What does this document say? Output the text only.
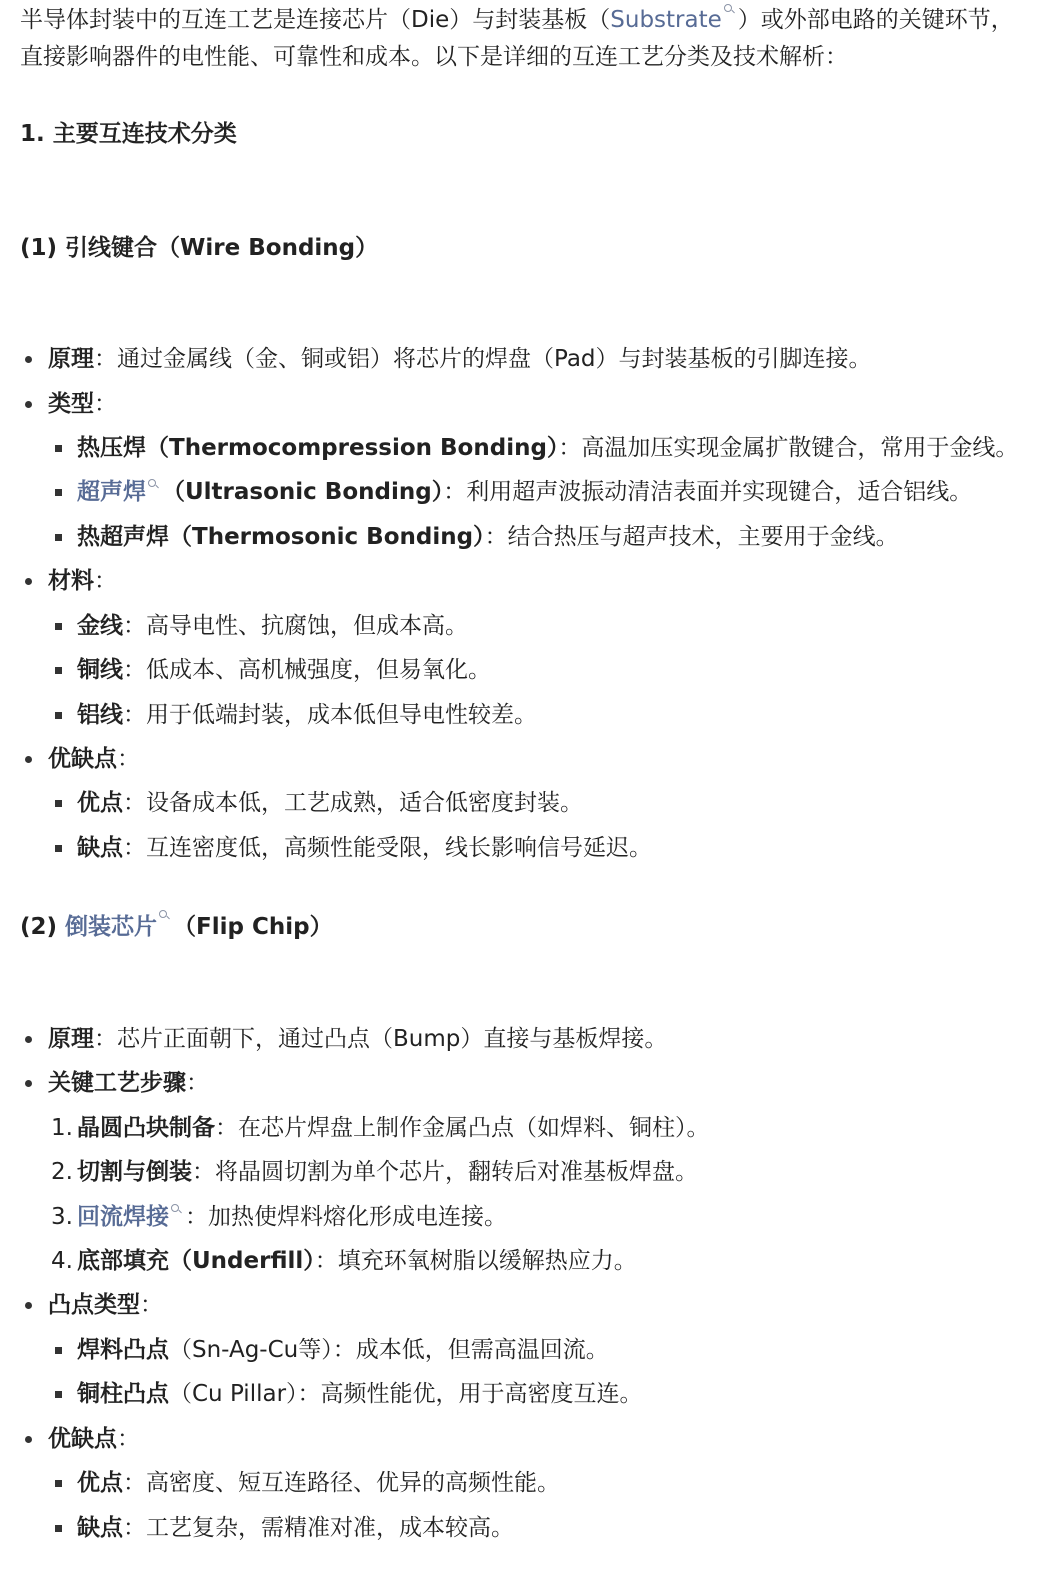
半导体封装中的互连工艺是连接芯片（Die）与封装基板（Substrate ）或外部电路的关键环节，直接影响器件的电性能、可靠性和成本。以下是详细的互连工艺分类及技术解析：
1. 主要互连技术分类
(1) 引线键合（Wire Bonding）
原理：通过金属线（金、铜或铝）将芯片的焊盘（Pad）与封装基板的引脚连接。
类型：
热压焊（Thermocompression Bonding）：高温加压实现金属扩散键合，常用于金线。
超声焊 （Ultrasonic Bonding）：利用超声波振动清洁表面并实现键合，适合铝线。
热超声焊（Thermosonic Bonding）：结合热压与超声技术，主要用于金线。
材料：
金线：高导电性、抗腐蚀，但成本高。
铜线：低成本、高机械强度，但易氧化。
铝线：用于低端封装，成本低但导电性较差。
优缺点：
优点：设备成本低，工艺成熟，适合低密度封装。
缺点：互连密度低，高频性能受限，线长影响信号延迟。
(2) 倒装芯片 （Flip Chip）
原理：芯片正面朝下，通过凸点（Bump）直接与基板焊接。
关键工艺步骤：
1. 晶圆凸块制备：在芯片焊盘上制作金属凸点（如焊料、铜柱）。
2. 切割与倒装：将晶圆切割为单个芯片，翻转后对准基板焊盘。
3. 回流焊接 ：加热使焊料熔化形成电连接。
4. 底部填充（Underfill）：填充环氧树脂以缓解热应力。
凸点类型：
焊料凸点（Sn-Ag-Cu等）：成本低，但需高温回流。
铜柱凸点（Cu Pillar）：高频性能优，用于高密度互连。
优缺点：
优点：高密度、短互连路径、优异的高频性能。
缺点：工艺复杂，需精准对准，成本较高。
